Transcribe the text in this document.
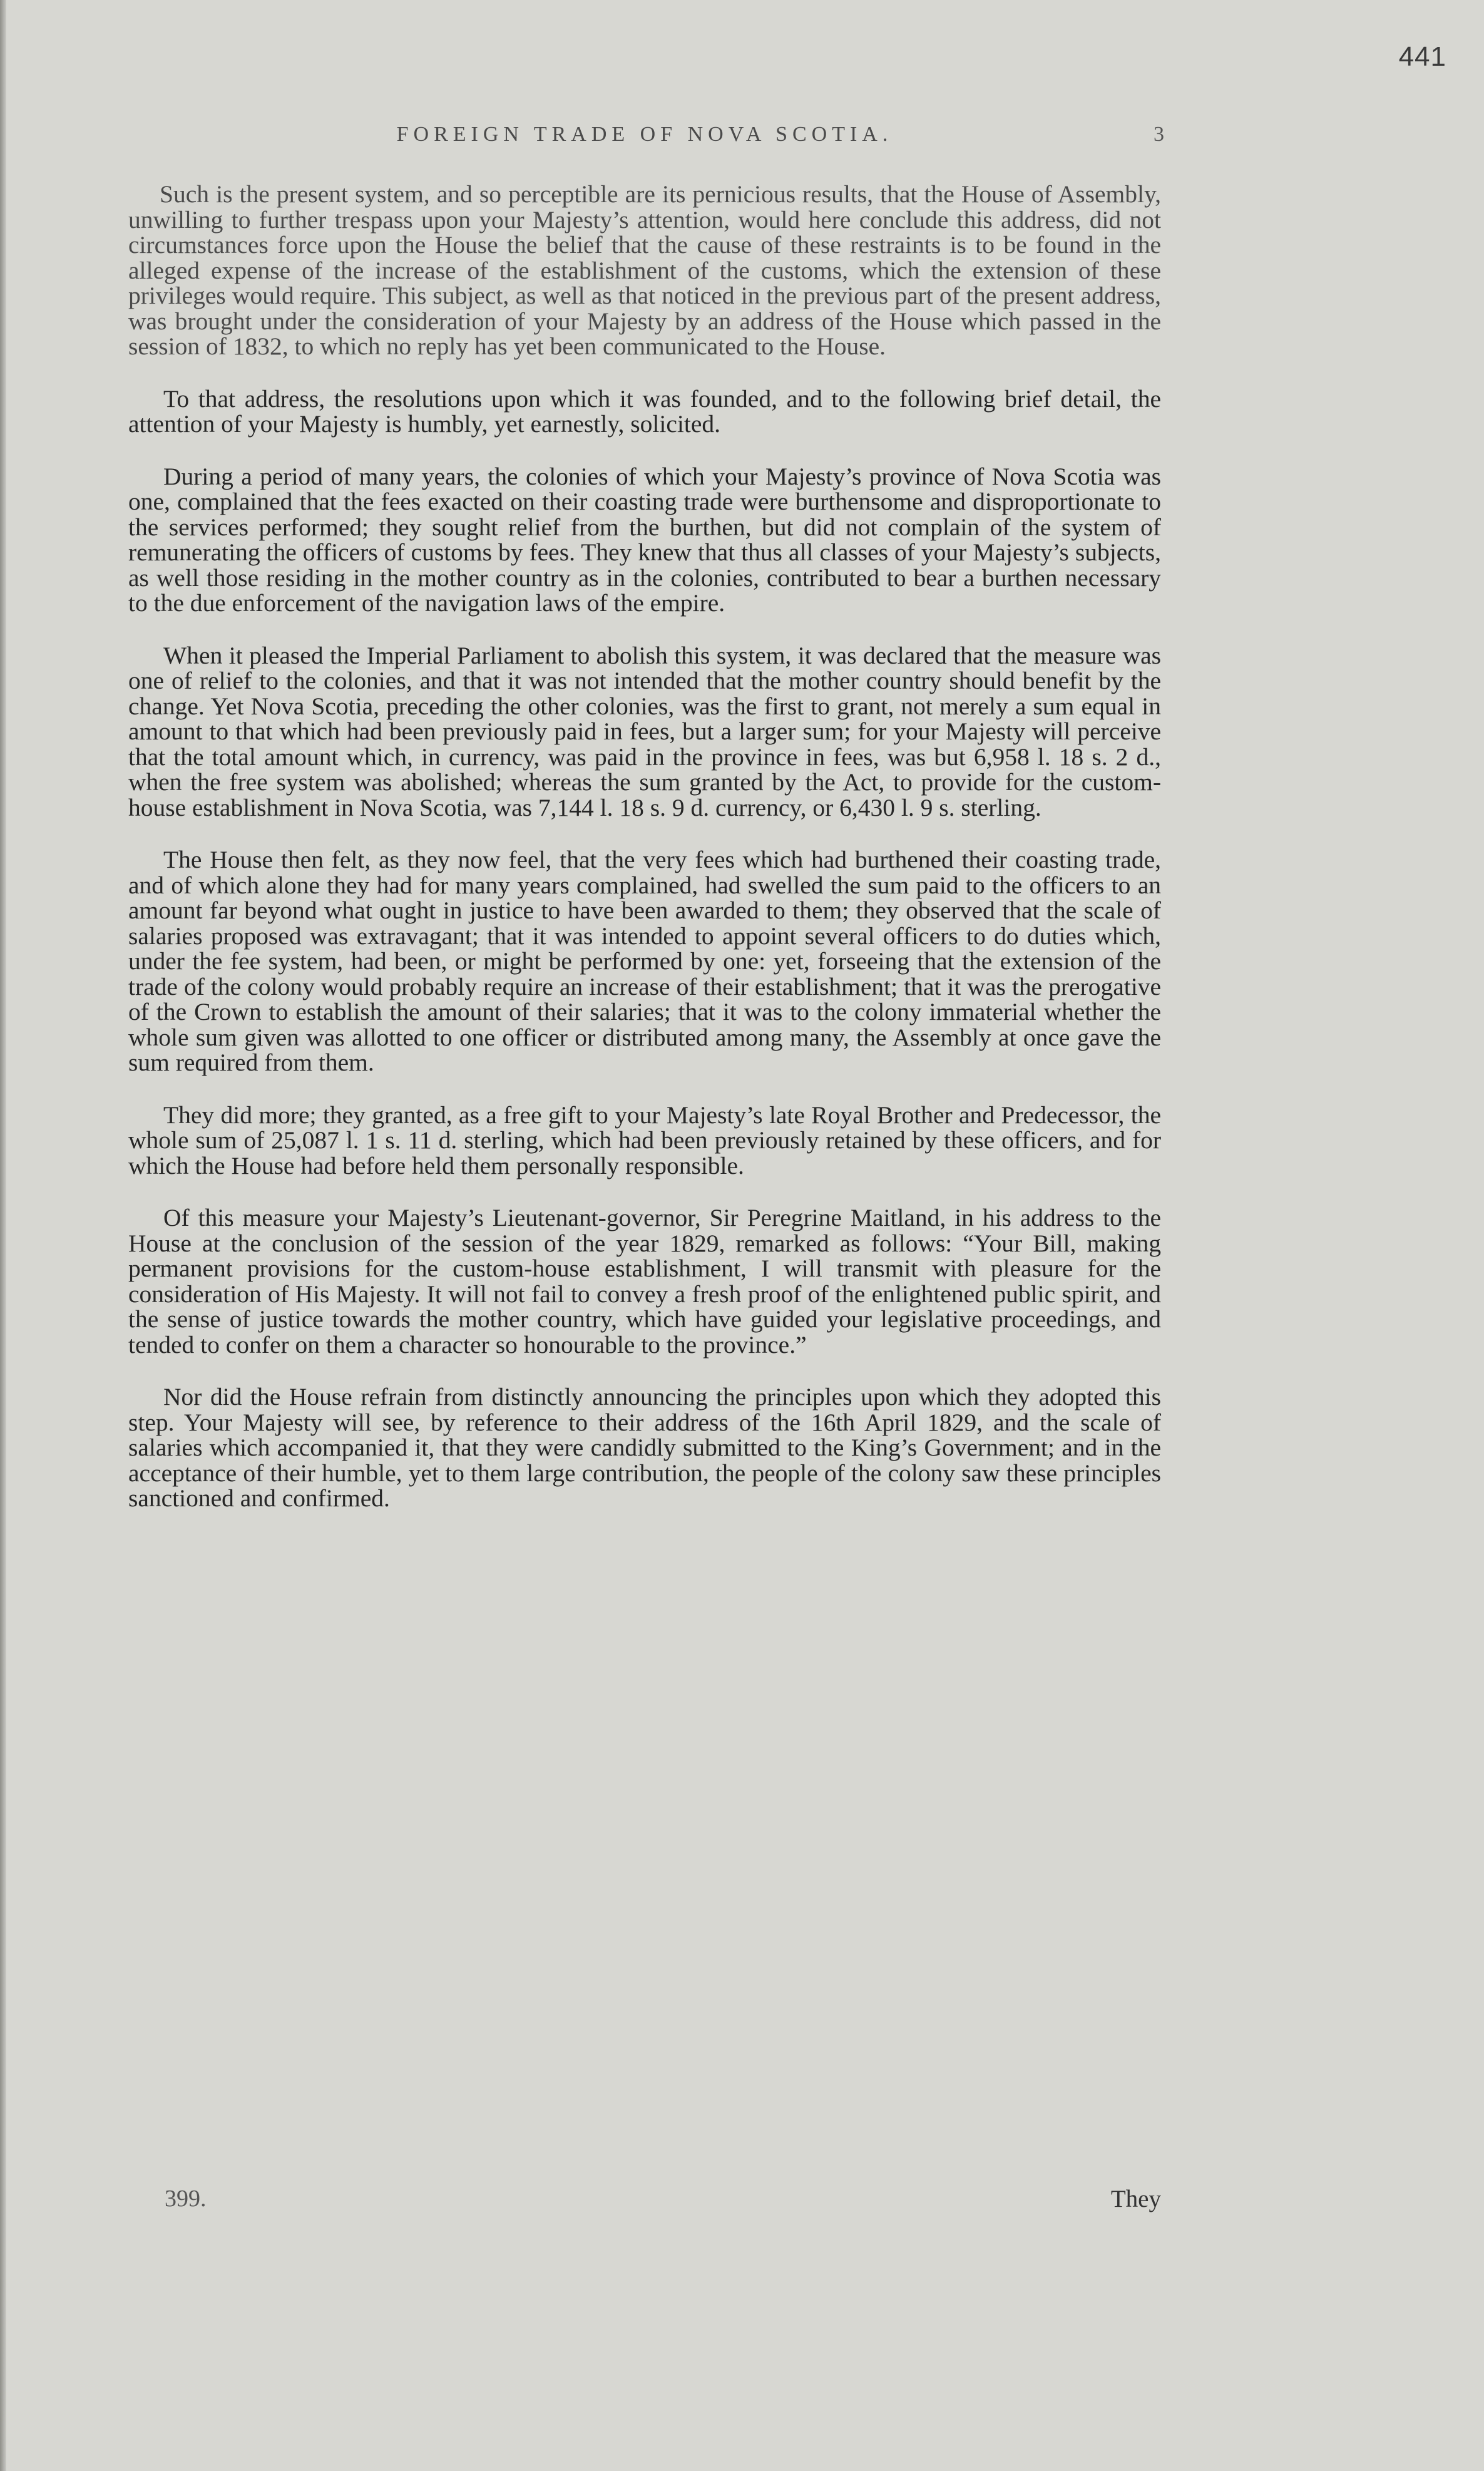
441
FOREIGN TRADE OF NOVA SCOTIA.	3

Such is the present system, and so perceptible are its pernicious results, that the House of Assembly, unwilling to further trespass upon your Majesty’s attention, would here conclude this address, did not circumstances force upon the House the belief that the cause of these restraints is to be found in the alleged expense of the increase of the establishment of the customs, which the extension of these privileges would require. This subject, as well as that noticed in the previous part of the present address, was brought under the consideration of your Majesty by an address of the House which passed in the session of 1832, to which no reply has yet been communicated to the House.

To that address, the resolutions upon which it was founded, and to the following brief detail, the attention of your Majesty is humbly, yet earnestly, solicited.

During a period of many years, the colonies of which your Majesty’s province of Nova Scotia was one, complained that the fees exacted on their coasting trade were burthensome and disproportionate to the services performed; they sought relief from the burthen, but did not complain of the system of remunerating the officers of customs by fees. They knew that thus all classes of your Majesty’s subjects, as well those residing in the mother country as in the colonies, contributed to bear a burthen necessary to the due enforcement of the navigation laws of the empire.

When it pleased the Imperial Parliament to abolish this system, it was declared that the measure was one of relief to the colonies, and that it was not intended that the mother country should benefit by the change. Yet Nova Scotia, preceding the other colonies, was the first to grant, not merely a sum equal in amount to that which had been previously paid in fees, but a larger sum; for your Majesty will perceive that the total amount which, in currency, was paid in the province in fees, was but 6,958 l. 18 s. 2 d., when the free system was abolished; whereas the sum granted by the Act, to provide for the custom-house establishment in Nova Scotia, was 7,144 l. 18 s. 9 d. currency, or 6,430 l. 9 s. sterling.

The House then felt, as they now feel, that the very fees which had burthened their coasting trade, and of which alone they had for many years complained, had swelled the sum paid to the officers to an amount far beyond what ought in justice to have been awarded to them; they observed that the scale of salaries proposed was extravagant; that it was intended to appoint several officers to do duties which, under the fee system, had been, or might be performed by one: yet, forseeing that the extension of the trade of the colony would probably require an increase of their establishment; that it was the prerogative of the Crown to establish the amount of their salaries; that it was to the colony immaterial whether the whole sum given was allotted to one officer or distributed among many, the Assembly at once gave the sum required from them.

They did more; they granted, as a free gift to your Majesty’s late Royal Brother and Predecessor, the whole sum of 25,087 l. 1 s. 11 d. sterling, which had been previously retained by these officers, and for which the House had before held them personally responsible.

Of this measure your Majesty’s Lieutenant-governor, Sir Peregrine Maitland, in his address to the House at the conclusion of the session of the year 1829, remarked as follows: “Your Bill, making permanent provisions for the custom-house establishment, I will transmit with pleasure for the consideration of His Majesty. It will not fail to convey a fresh proof of the enlightened public spirit, and the sense of justice towards the mother country, which have guided your legislative proceedings, and tended to confer on them a character so honourable to the province.”

Nor did the House refrain from distinctly announcing the principles upon which they adopted this step. Your Majesty will see, by reference to their address of the 16th April 1829, and the scale of salaries which accompanied it, that they were candidly submitted to the King’s Government; and in the acceptance of their humble, yet to them large contribution, the people of the colony saw these principles sanctioned and confirmed.

399.	They
